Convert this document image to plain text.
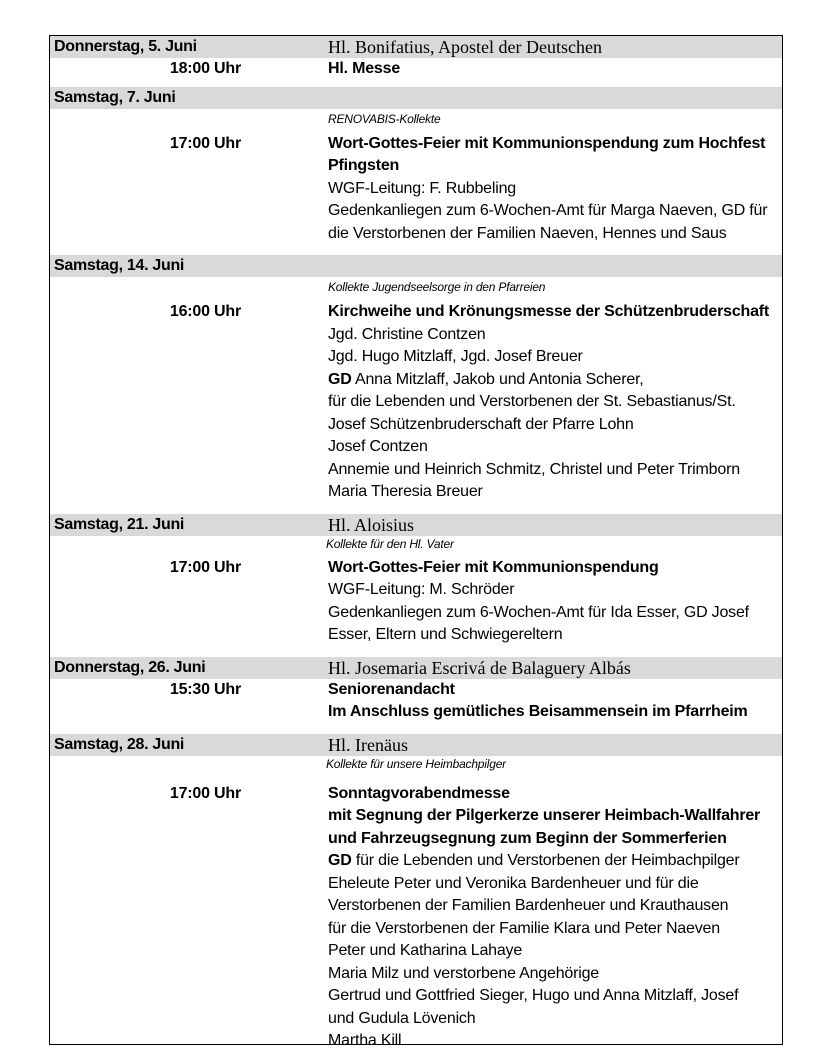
Donnerstag, 5. Juni	Hl. Bonifatius, Apostel der Deutschen
18:00 Uhr	Hl. Messe
Samstag, 7. Juni
RENOVABIS-Kollekte
17:00 Uhr	Wort-Gottes-Feier mit Kommunionspendung zum Hochfest
Pfingsten
WGF-Leitung: F. Rubbeling
Gedenkanliegen zum 6-Wochen-Amt für Marga Naeven, GD für
die Verstorbenen der Familien Naeven, Hennes und Saus
Samstag, 14. Juni
Kollekte Jugendseelsorge in den Pfarreien
16:00 Uhr	Kirchweihe und Krönungsmesse der Schützenbruderschaft
Jgd. Christine Contzen
Jgd. Hugo Mitzlaff, Jgd. Josef Breuer
GD Anna Mitzlaff, Jakob und Antonia Scherer,
für die Lebenden und Verstorbenen der St. Sebastianus/St.
Josef Schützenbruderschaft der Pfarre Lohn
Josef Contzen
Annemie und Heinrich Schmitz, Christel und Peter Trimborn
Maria Theresia Breuer
Samstag, 21. Juni	Hl. Aloisius
Kollekte für den Hl. Vater
17:00 Uhr	Wort-Gottes-Feier mit Kommunionspendung
WGF-Leitung: M. Schröder
Gedenkanliegen zum 6-Wochen-Amt für Ida Esser, GD Josef
Esser, Eltern und Schwiegereltern
Donnerstag, 26. Juni	Hl. Josemaria Escrivá de Balaguery Albás
15:30 Uhr	Seniorenandacht
Im Anschluss gemütliches Beisammensein im Pfarrheim
Samstag, 28. Juni	Hl. Irenäus
Kollekte für unsere Heimbachpilger
17:00 Uhr	Sonntagvorabendmesse
mit Segnung der Pilgerkerze unserer Heimbach-Wallfahrer
und Fahrzeugsegnung zum Beginn der Sommerferien
GD für die Lebenden und Verstorbenen der Heimbachpilger
Eheleute Peter und Veronika Bardenheuer und für die
Verstorbenen der Familien Bardenheuer und Krauthausen
für die Verstorbenen der Familie Klara und Peter Naeven
Peter und Katharina Lahaye
Maria Milz und verstorbene Angehörige
Gertrud und Gottfried Sieger, Hugo und Anna Mitzlaff, Josef
und Gudula Lövenich
Martha Kill
